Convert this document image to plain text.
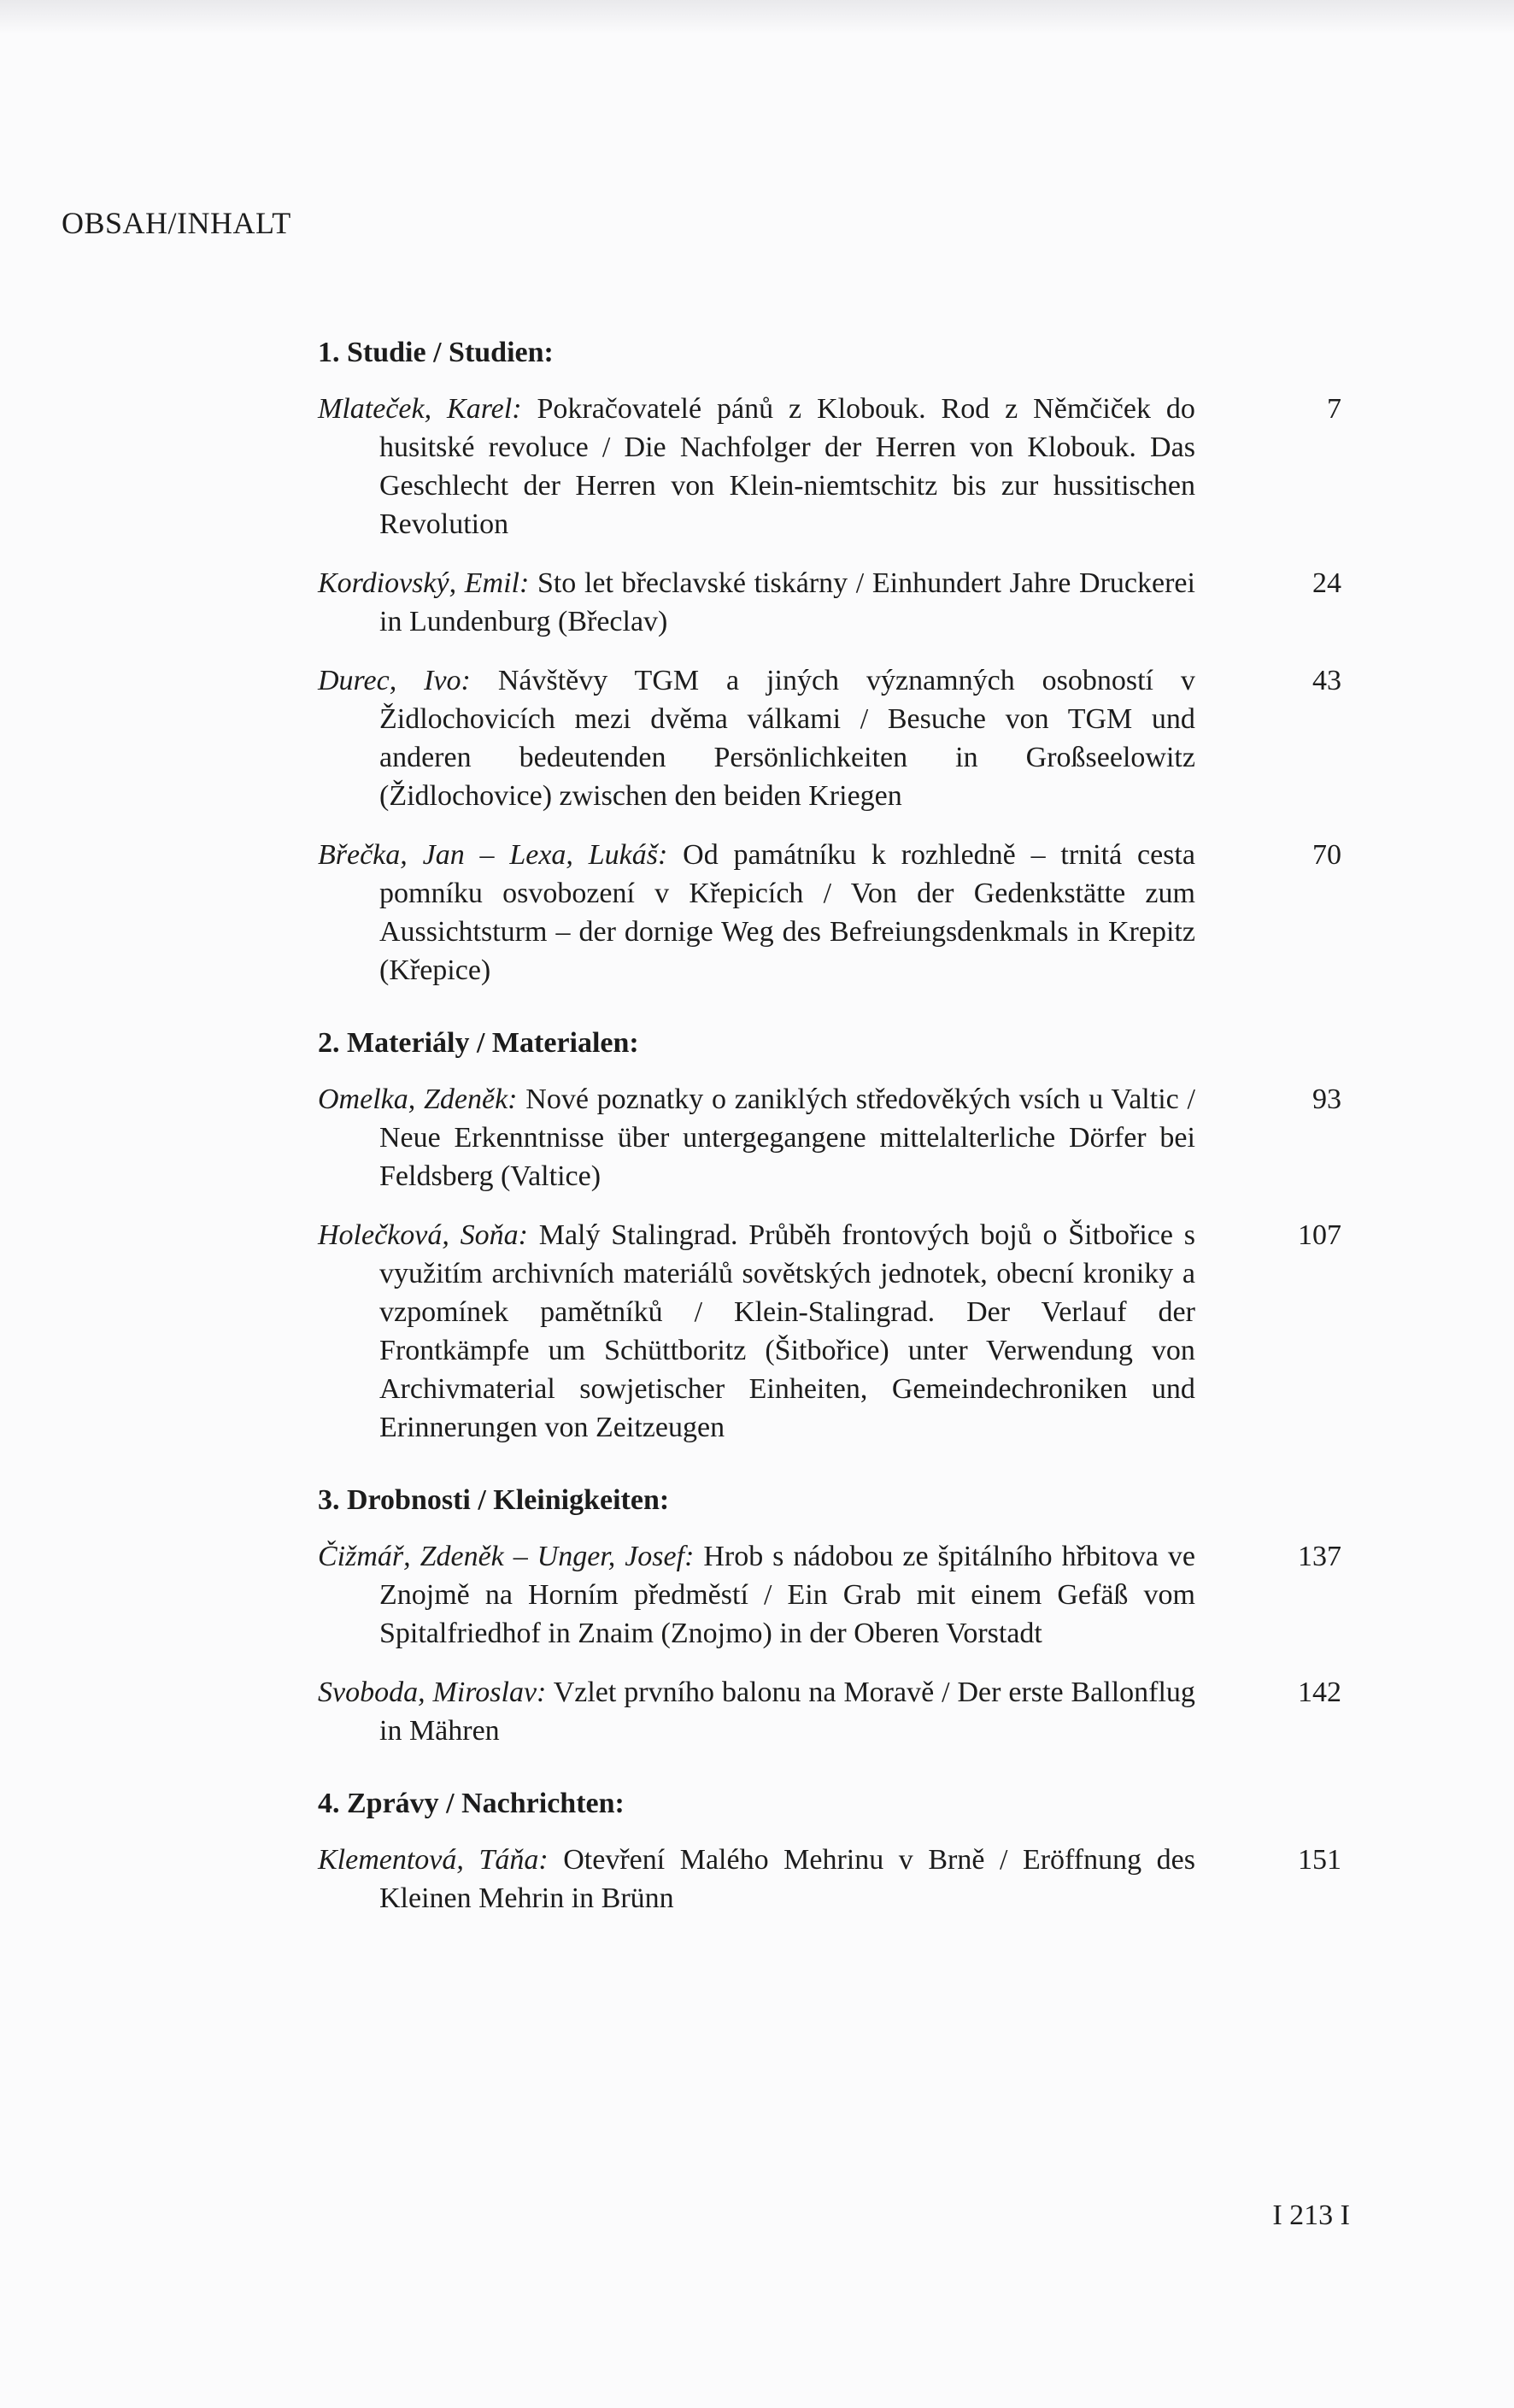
OBSAH/INHALT
1. Studie / Studien:
Mlateček, Karel: Pokračovatelé pánů z Klobouk. Rod z Němčiček do husitské revoluce / Die Nachfolger der Herren von Klobouk. Das Geschlecht der Herren von Klein-niemtschitz bis zur hussitischen Revolution
7
Kordiovský, Emil: Sto let břeclavské tiskárny / Einhundert Jahre Druckerei in Lundenburg (Břeclav)
24
Durec, Ivo: Návštěvy TGM a jiných významných osobností v Židlochovicích mezi dvěma válkami / Besuche von TGM und anderen bedeutenden Persönlichkeiten in Großseelowitz (Židlochovice) zwischen den beiden Kriegen
43
Břečka, Jan – Lexa, Lukáš: Od památníku k rozhledně – trnitá cesta pomníku osvobození v Křepicích / Von der Gedenkstätte zum Aussichtsturm – der dornige Weg des Befreiungsdenkmals in Krepitz (Křepice)
70
2. Materiály / Materialen:
Omelka, Zdeněk: Nové poznatky o zaniklých středověkých vsích u Valtic / Neue Erkenntnisse über untergegangene mittelalterliche Dörfer bei Feldsberg (Valtice)
93
Holečková, Soňa: Malý Stalingrad. Průběh frontových bojů o Šitbořice s využitím archivních materiálů sovětských jednotek, obecní kroniky a vzpomínek pamětníků / Klein-Stalingrad. Der Verlauf der Frontkämpfe um Schüttboritz (Šitbořice) unter Verwendung von Archivmaterial sowjetischer Einheiten, Gemeindechroniken und Erinnerungen von Zeitzeugen
107
3. Drobnosti / Kleinigkeiten:
Čižmář, Zdeněk – Unger, Josef: Hrob s nádobou ze špitálního hřbitova ve Znojmě na Horním předměstí / Ein Grab mit einem Gefäß vom Spitalfriedhof in Znaim (Znojmo) in der Oberen Vorstadt
137
Svoboda, Miroslav: Vzlet prvního balonu na Moravě / Der erste Ballonflug in Mähren
142
4. Zprávy / Nachrichten:
Klementová, Táňa: Otevření Malého Mehrinu v Brně / Eröffnung des Kleinen Mehrin in Brünn
151
I 213 I
